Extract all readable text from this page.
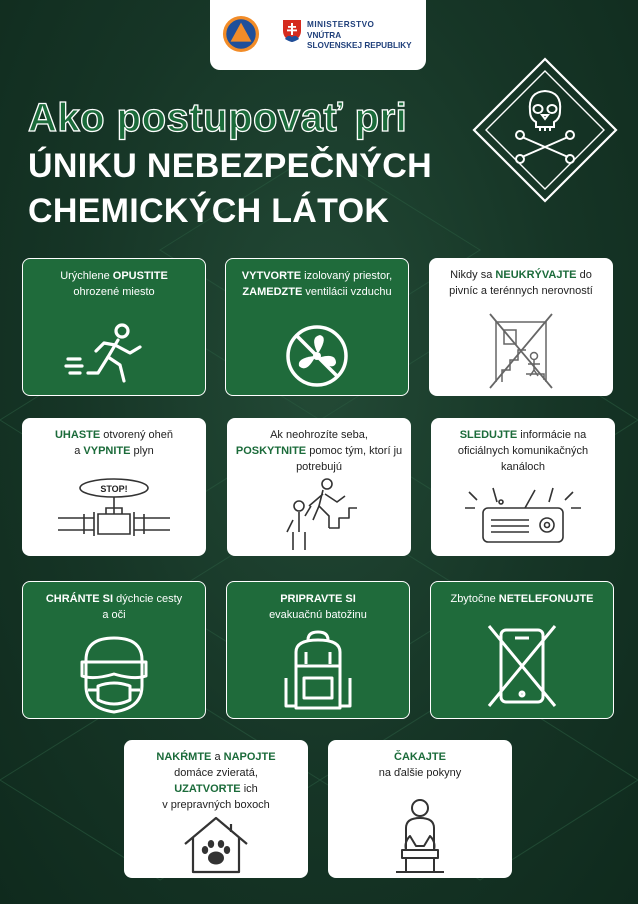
MINISTERSTVO
VNÚTRA
SLOVENSKEJ REPUBLIKY
Ako postupovať pri
ÚNIKU NEBEZPEČNÝCH
CHEMICKÝCH LÁTOK
Urýchlene OPUSTITE
ohrozené miesto
VYTVORTE izolovaný priestor, ZAMEDZTE ventilácii vzduchu
Nikdy sa NEUKRÝVAJTE do pivníc a terénnych nerovností
UHASTE otvorený oheň
a VYPNITE plyn
STOP!
Ak neohrozíte seba,
POSKYTNITE pomoc tým, ktorí ju potrebujú
SLEDUJTE informácie na oficiálnych komunikačných kanáloch
CHRÁNTE SI dýchcie cesty
a oči
PRIPRAVTE SI
evakuačnú batožinu
Zbytočne NETELEFONUJTE
NAKŔMTE a NAPOJTE
domáce zvieratá,
UZATVORTE ich
v prepravných boxoch
ČAKAJTE
na ďalšie pokyny
